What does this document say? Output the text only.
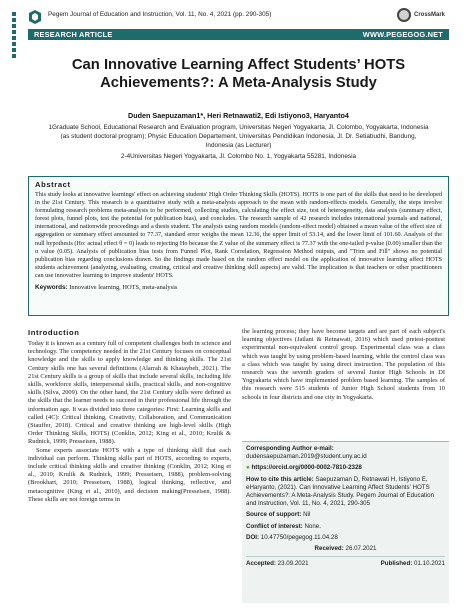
Pegem Journal of Education and Instruction, Vol. 11, No. 4, 2021 (pp. 290-305)	CrossMark
RESEARCH ARTICLE	WWW.PEGEGOG.NET
Can Innovative Learning Affect Students’ HOTS
Achievements?: A Meta-Analysis Study
Duden Saepuzaman1*, Heri Retnawati2, Edi Istiyono3, Haryanto4
1Graduate School, Educational Research and Evaluation program, Universitas Negeri Yogyakarta, Jl. Colombo, Yogyakarta, Indonesia
(as student doctoral program); Physic Education Departement, Universitas Pendidikan Indonesia, Jl. Dr. Setiabudhi, Bandung,
Indonesia (as Lecturer)
2-4Universitas Negeri Yogyakarta, Jl. Colombo No. 1, Yogyakarta 55281, Indonesia
Abstract
This study looks at innovative learnings' effect on achieving students' High Order Thinking Skills (HOTS). HOTS is one part of the skills that need to be developed in the 21st Century. This research is a quantitative study with a meta-analysis approach to the mean with random-effects models. Generally, the steps involve formulating research problems meta-analysis to be performed, collecting studies, calculating the effect size, test of heterogeneity, data analysis (summary effect, forest plots, funnel plots, test the potential for publication bias), and concludes. The research sample of 42 research includes international journals and national, international, and nationwide proceedings and a thesis student. The analysis using random models (random-effect model) obtained a mean value of the effect size of aggregation or summary effect amounted to 77.37, standard error weighs the mean 12.36, the upper limit of 53.14, and the lower limit of 101.60. Analysis of the null hypothesis (Ho: actual effect θ = 0) leads to rejecting Ho because the Z value of the summary effect is 77.37 with the one-tailed p-value (0.00) smaller than the α value (0.05). Analysis of publication bias tests from Funnel Plot, Rank Correlation, Regression Method outputs, and "Trim and Fill" shows no potential publication bias regarding conclusions drawn. So the findings made based on the random effect model on the application of innovative learning affect HOTS students achievement (analyzing, evaluating, creating, critical and creative thinking skill aspects) are valid. The implication is that teachers or other practitioners can use innovative learning to improve students' HOTS.
Keywords: Innovative learning, HOTS, meta-analysis
Introduction

Today it is known as a century full of competent challenges both in science and technology. The competency needed in the 21st Century focuses on conceptual knowledge and the skills to apply knowledge and thinking skills. The 21st Century skills one has several definitions (Alarrah & Khataybeh, 2021). The 21st Century skills is a group of skills that include several skills, including life skills, workforce skills, interpersonal skills, practical skills, and non-cognitive skills (Silva, 2009). On the other hand, the 21st Century skills were defined as the skills that the learner needs to succeed in their professional life through the information age. It was divided into three categories: First: Learning skills and called (4C): Critical thinking, Creativity, Collaboration, and Communication (Stauffer, 2018). Critical and creative thinking are high-level skills (High Order Thinking Skills, HOTS) (Conklin, 2012; King et al., 2010; Krulik & Rudnick, 1999; Presseisen, 1988).

Some experts associate HOTS with a type of thinking skill that each individual can perform. Thinking skills part of HOTS, according to experts, include critical thinking skills and creative thinking (Conklin, 2012; King et al., 2010; Krulik & Rudnick, 1999; Presseisen, 1988), problem-solving (Brookhart, 2010; Presseisen, 1988), logical thinking, reflective, and metacognitive (King et al., 2010), and decision making(Presseisen, 1988). These skills are not foreign terms in

the learning process; they have become targets and are part of each subject's learning objectives (Jailani & Retnawati, 2016) which used pretest-posttest experimental non-equivalent control group. Experimental class was a class which was taught by using problem-based learning, while the control class was a class which was taught by using direct instruction. The population of this research was the seventh graders of several Junior High Schools in DI Yogyakarta which have implemented problem based learning. The samples of this research were 515 students of Junior High School students from 10 schools in four districts and one city in Yogyakarta.

Corresponding Author e-mail: dudensaepuzaman.2019@student.uny.ac.id
● https://orcid.org/0000-0002-7810-2328
How to cite this article: Saepuzaman D, Retnawati H, Istiyono E, eHaryanto, (2021). Can Innovative Learning Affect Students' HOTS Achievements?: A Meta-Analysis Study. Pegem Journal of Education and Instruction, Vol. 11, No. 4, 2021, 290-305
Source of support: Nil
Conflict of interest: None.
DOI: 10.47750/pegegog.11.04.28
Received: 26.07.2021
Accepted: 23.09.2021	Published: 01.10.2021
